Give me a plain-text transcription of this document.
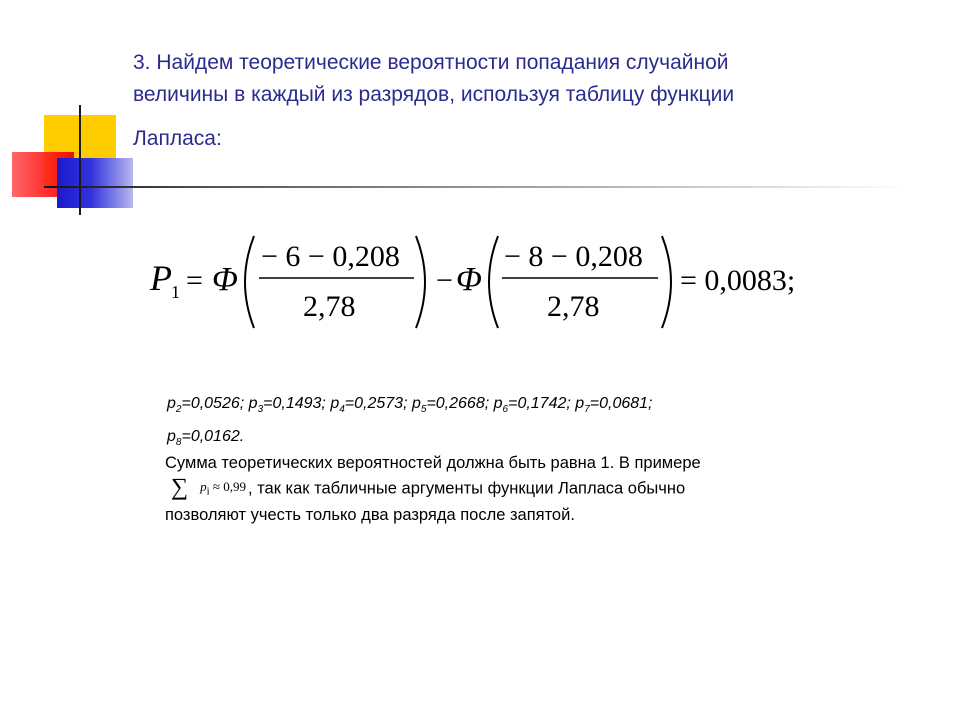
3. Найдем теоретические вероятности попадания случайной
величины в каждый из разрядов, используя таблицу функции
Лапласа:
P 1 = Φ
− 6 − 0,208
2,78
− Φ
− 8 − 0,208
2,78
= 0,0083;
$p_2=0,0526$; $p_3=0,1493$; $p_4=0,2573$; $p_5=0,2668$; $p_6=0,1742$; $p_7=0,0681$;
$p_8=0,0162$.
Сумма теоретических вероятностей должна быть равна 1. В примере
∑ $p_i \approx 0,99$ , так как табличные аргументы функции Лапласа обычно
позволяют учесть только два разряда после запятой.
